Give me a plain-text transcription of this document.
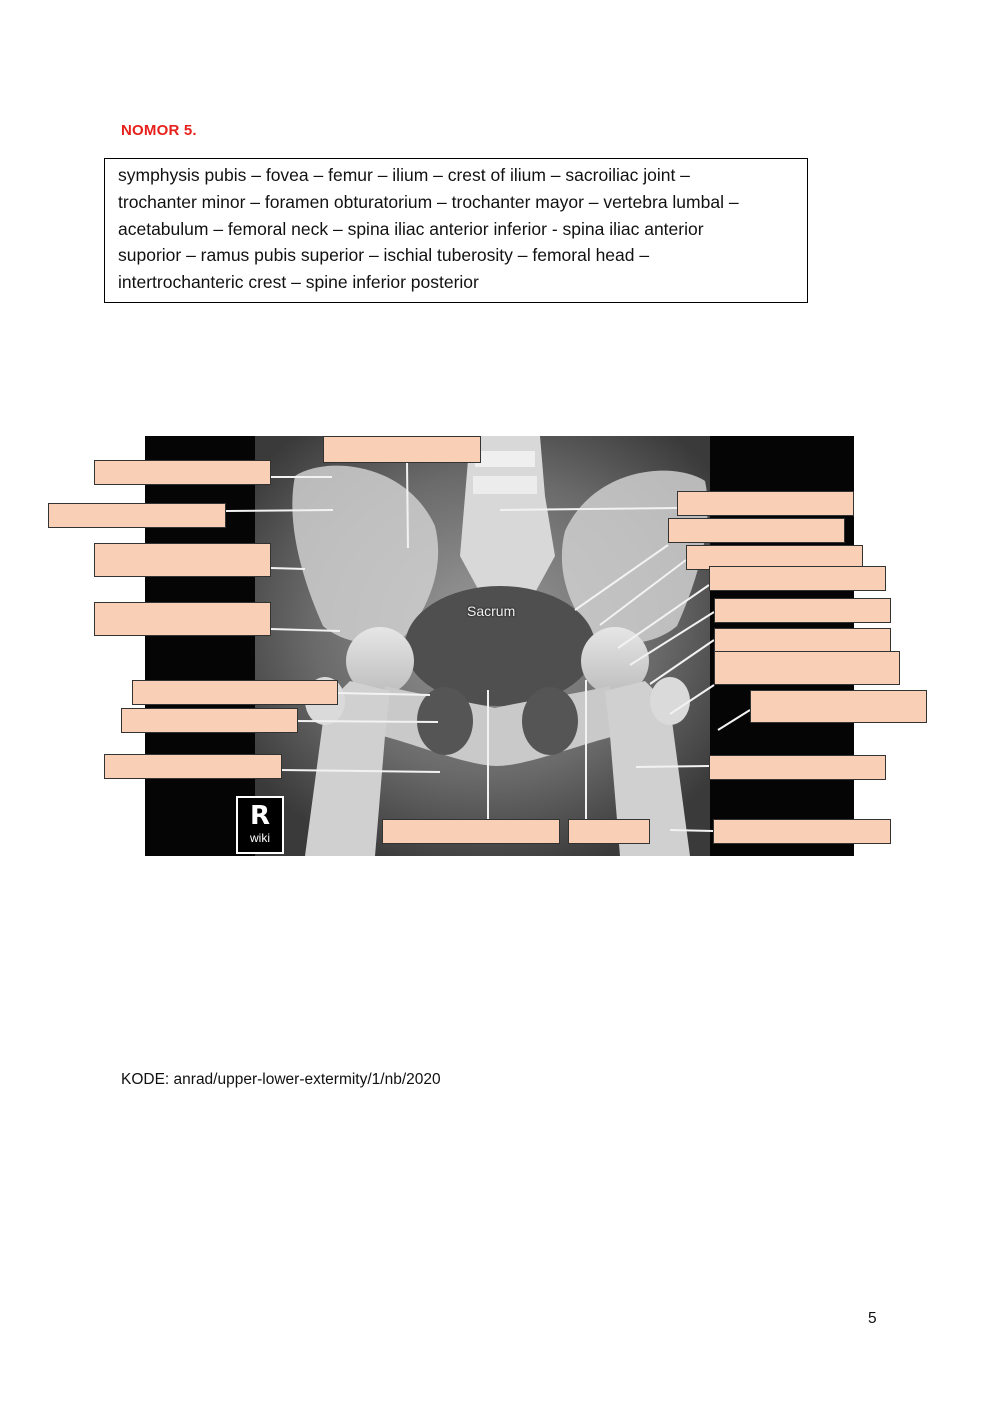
NOMOR 5.
symphysis pubis – fovea – femur – ilium – crest of ilium – sacroiliac joint –
trochanter minor – foramen obturatorium – trochanter mayor – vertebra lumbal –
acetabulum – femoral neck – spina iliac anterior inferior - spina iliac anterior
suporior – ramus pubis superior – ischial tuberosity – femoral head –
intertrochanteric crest – spine inferior posterior
Sacrum
R
wiki
KODE: anrad/upper-lower-extermity/1/nb/2020
5
